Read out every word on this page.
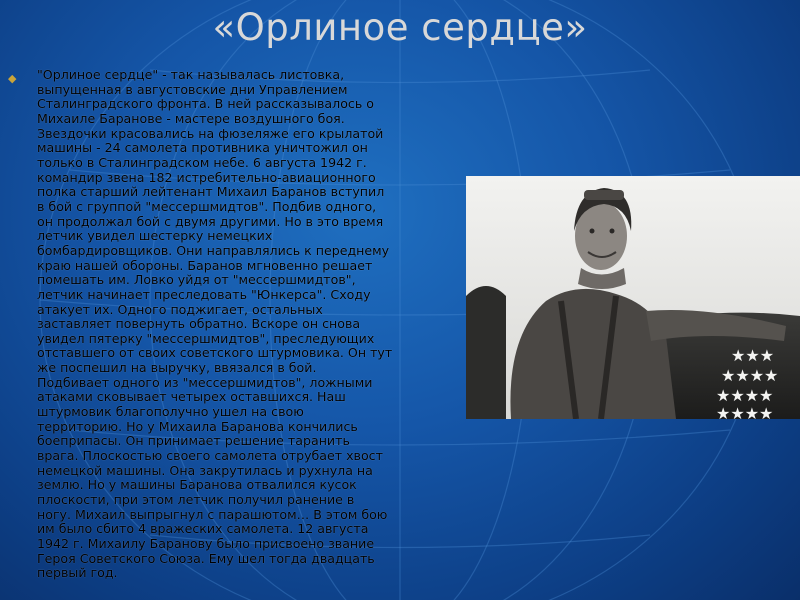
«Орлиное сердце»
◆ "Орлиное сердце" - так называлась листовка,
выпущенная в августовские дни Управлением
Сталинградского фронта. В ней рассказывалось о
Михаиле Баранове - мастере воздушного боя.
Звездочки красовались на фюзеляже его крылатой
машины - 24 самолета противника уничтожил он
только в Сталинградском небе. 6 августа 1942 г.
командир звена 182 истребительно-авиационного
полка старший лейтенант Михаил Баранов вступил
в бой с группой "мессершмидтов". Подбив одного,
он продолжал бой с двумя другими. Но в это время
летчик увидел шестерку немецких
бомбардировщиков. Они направлялись к переднему
краю нашей обороны. Баранов мгновенно решает
помешать им. Ловко уйдя от "мессершмидтов",
летчик начинает преследовать "Юнкерса". Сходу
атакует их. Одного поджигает, остальных
заставляет повернуть обратно. Вскоре он снова
увидел пятерку "мессершмидтов", преследующих
отставшего от своих советского штурмовика. Он тут
же поспешил на выручку, ввязался в бой.
Подбивает одного из "мессершмидтов", ложными
атаками сковывает четырех оставшихся. Наш
штурмовик благополучно ушел на свою
территорию. Но у Михаила Баранова кончились
боеприпасы. Он принимает решение таранить
врага. Плоскостью своего самолета отрубает хвост
немецкой машины. Она закрутилась и рухнула на
землю. Но у машины Баранова отвалился кусок
плоскости, при этом летчик получил ранение в
ногу. Михаил выпрыгнул с парашютом… В этом бою
им было сбито 4 вражеских самолета. 12 августа
1942 г. Михаилу Баранову было присвоено звание
Героя Советского Союза. Ему шел тогда двадцать
первый год.
★★★
★★★★
★★★★
★★★★
